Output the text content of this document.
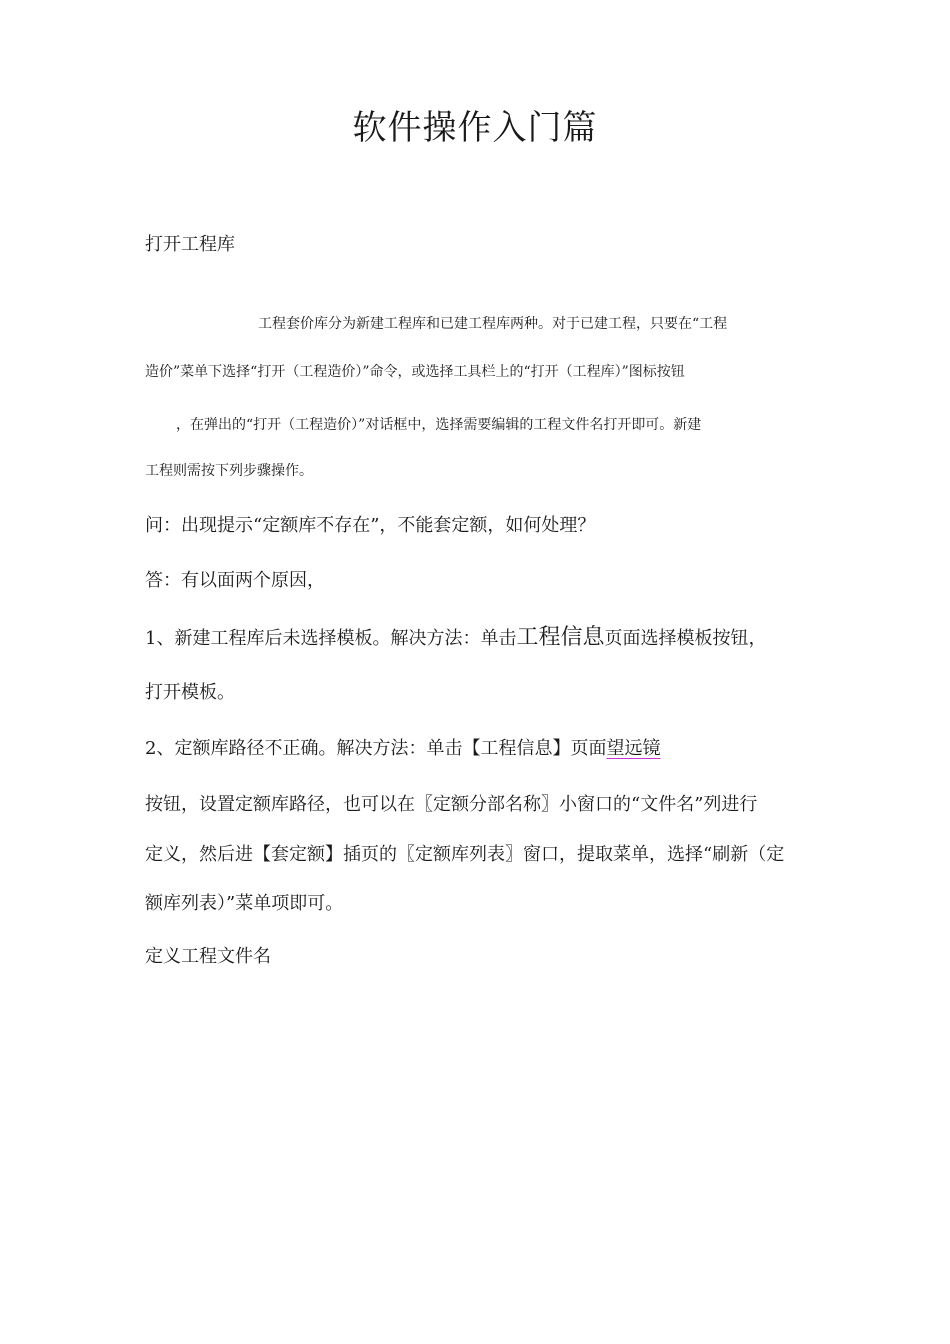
软件操作入门篇
打开工程库
工程套价库分为新建工程库和已建工程库两种。对于已建工程，只要在“工程
造价”菜单下选择“打开（工程造价）”命令，或选择工具栏上的“打开（工程库）”图标按钮
，在弹出的“打开（工程造价）”对话框中，选择需要编辑的工程文件名打开即可。新建
工程则需按下列步骤操作。
问：出现提示“定额库不存在”，不能套定额，如何处理？
答：有以面两个原因，
1、新建工程库后未选择模板。解决方法：单击工程信息页面选择模板按钮，
打开模板。
2、定额库路径不正确。解决方法：单击【工程信息】页面望远镜
按钮，设置定额库路径，也可以在〖定额分部名称〗小窗口的“文件名”列进行
定义，然后进【套定额】插页的〖定额库列表〗窗口，提取菜单，选择“刷新（定
额库列表）”菜单项即可。
定义工程文件名
